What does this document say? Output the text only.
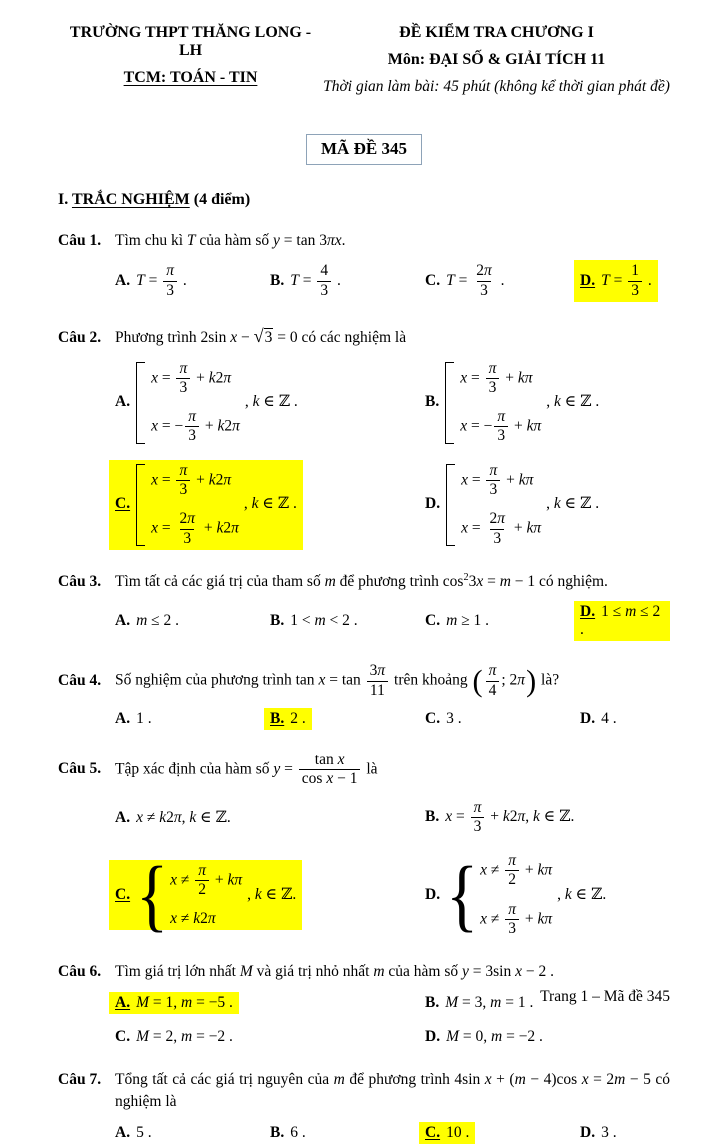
TRƯỜNG THPT THĂNG LONG - LH
TCM: TOÁN - TIN
ĐỀ KIỂM TRA CHƯƠNG I
Môn: ĐẠI SỐ & GIẢI TÍCH 11
Thời gian làm bài: 45 phút (không kể thời gian phát đề)
MÃ ĐỀ 345
I. TRẮC NGHIỆM (4 điểm)
Câu 1. Tìm chu kì T của hàm số y = tan 3πx.
A. $T = \frac{\pi}{3}$ .	B. $T = \frac{4}{3}$ .	C. $T = \frac{2\pi}{3}$ .	D. $T = \frac{1}{3}$ .
Câu 2. Phương trình 2sin x − √3 = 0 có các nghiệm là
A.
$x = \frac{\pi}{3} + k2\pi$
x = − $\frac{\pi}{3} + k2\pi$
, k ∈ ℤ .	B.
$x = \frac{\pi}{3} + k\pi$
x = − $\frac{\pi}{3} + k\pi$
, k ∈ ℤ .
C.
$x = \frac{\pi}{3} + k2\pi$
$x = \frac{2\pi}{3} + k2\pi$
, k ∈ ℤ .	D.
$x = \frac{\pi}{3} + k\pi$
$x = \frac{2\pi}{3} + k\pi$
, k ∈ ℤ .
Câu 3. Tìm tất cả các giá trị của tham số m để phương trình $\cos^23x = m - 1$ có nghiệm.
A. m ≤ 2 .	B. 1 < m < 2 .	C. m ≥ 1 .
D. 1 ≤ m ≤ 2 .
Câu 4. Số nghiệm của phương trình $\tan x = \tan \frac{3\pi}{11}$ trên khoảng ( $\frac{\pi}{4}$ ; 2π) là?
A. 1 .	B. 2 .	C. 3 .	D. 4 .
Câu 5. Tập xác định của hàm số $y = \frac{\text{tan x}}{\text{cos x − 1}}$ là
A. x ≠ k2π, k ∈ ℤ.	B. $x = \frac{\pi}{3} + k2\pi$, k ∈ ℤ.
C. { $x \ne \frac{\pi}{2} + k\pi$
x ≠ k2π
, k ∈ ℤ.	D. { $x \ne \frac{\pi}{2} + k\pi$
$x \ne \frac{\pi}{3} + k\pi$
, k ∈ ℤ.
Câu 6. Tìm giá trị lớn nhất M và giá trị nhỏ nhất m của hàm số y = 3sin x − 2 .
A. M = 1, m = −5 .	B. M = 3, m = 1 .
C. M = 2, m = −2 .	D. M = 0, m = −2 .
Câu 7. Tổng tất cả các giá trị nguyên của m để phương trình 4sin x + (m − 4)cos x = 2m − 5 có nghiệm là
A. 5 .	B. 6 .	C. 10 .	D. 3 .
Trang 1 – Mã đề 345
